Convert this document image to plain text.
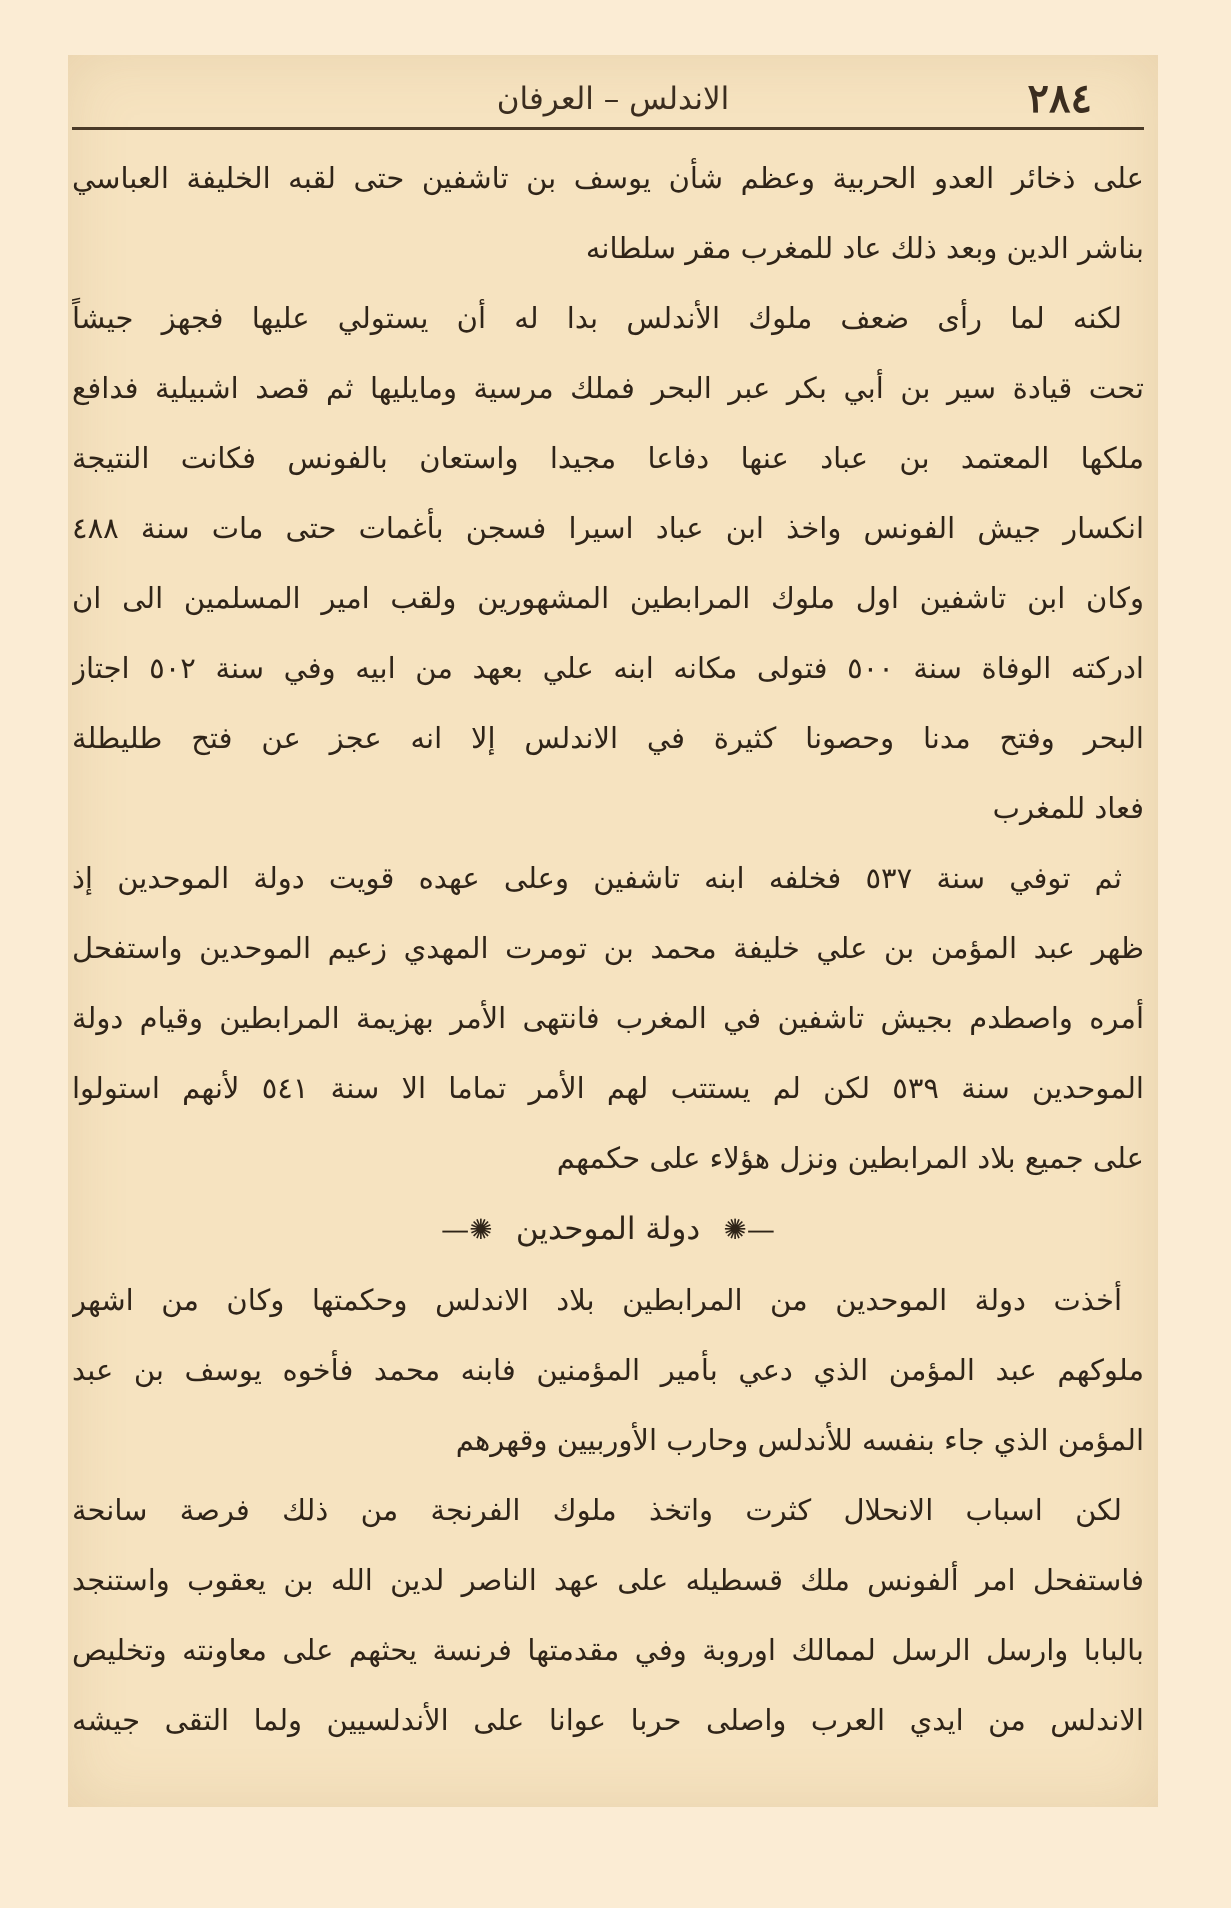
٢٨٤
الاندلس – العرفان
على ذخائر العدو الحربية وعظم شأن يوسف بن تاشفين حتى لقبه الخليفة العباسي
بناشر الدين وبعد ذلك عاد للمغرب مقر سلطانه
لكنه لما رأى ضعف ملوك الأندلس بدا له أن يستولي عليها فجهز جيشاً
تحت قيادة سير بن أبي بكر عبر البحر فملك مرسية ومايليها ثم قصد اشبيلية فدافع
ملكها المعتمد بن عباد عنها دفاعا مجيدا واستعان بالفونس فكانت النتيجة
انكسار جيش الفونس واخذ ابن عباد اسيرا فسجن بأغمات حتى مات سنة ٤٨٨
وكان ابن تاشفين اول ملوك المرابطين المشهورين ولقب امير المسلمين الى ان
ادركته الوفاة سنة ٥٠٠ فتولى مكانه ابنه علي بعهد من ابيه وفي سنة ٥٠٢ اجتاز
البحر وفتح مدنا وحصونا كثيرة في الاندلس إلا انه عجز عن فتح طليطلة
فعاد للمغرب
ثم توفي سنة ٥٣٧ فخلفه ابنه تاشفين وعلى عهده قويت دولة الموحدين إذ
ظهر عبد المؤمن بن علي خليفة محمد بن تومرت المهدي زعيم الموحدين واستفحل
أمره واصطدم بجيش تاشفين في المغرب فانتهى الأمر بهزيمة المرابطين وقيام دولة
الموحدين سنة ٥٣٩ لكن لم يستتب لهم الأمر تماما الا سنة ٥٤١ لأنهم استولوا
على جميع بلاد المرابطين ونزل هؤلاء على حكمهم
—✺ دولة الموحدين ✺—
أخذت دولة الموحدين من المرابطين بلاد الاندلس وحكمتها وكان من اشهر
ملوكهم عبد المؤمن الذي دعي بأمير المؤمنين فابنه محمد فأخوه يوسف بن عبد
المؤمن الذي جاء بنفسه للأندلس وحارب الأوربيين وقهرهم
لكن اسباب الانحلال كثرت واتخذ ملوك الفرنجة من ذلك فرصة سانحة
فاستفحل امر ألفونس ملك قسطيله على عهد الناصر لدين الله بن يعقوب واستنجد
بالبابا وارسل الرسل لممالك اوروبة وفي مقدمتها فرنسة يحثهم على معاونته وتخليص
الاندلس من ايدي العرب واصلى حربا عوانا على الأندلسيين ولما التقى جيشه
